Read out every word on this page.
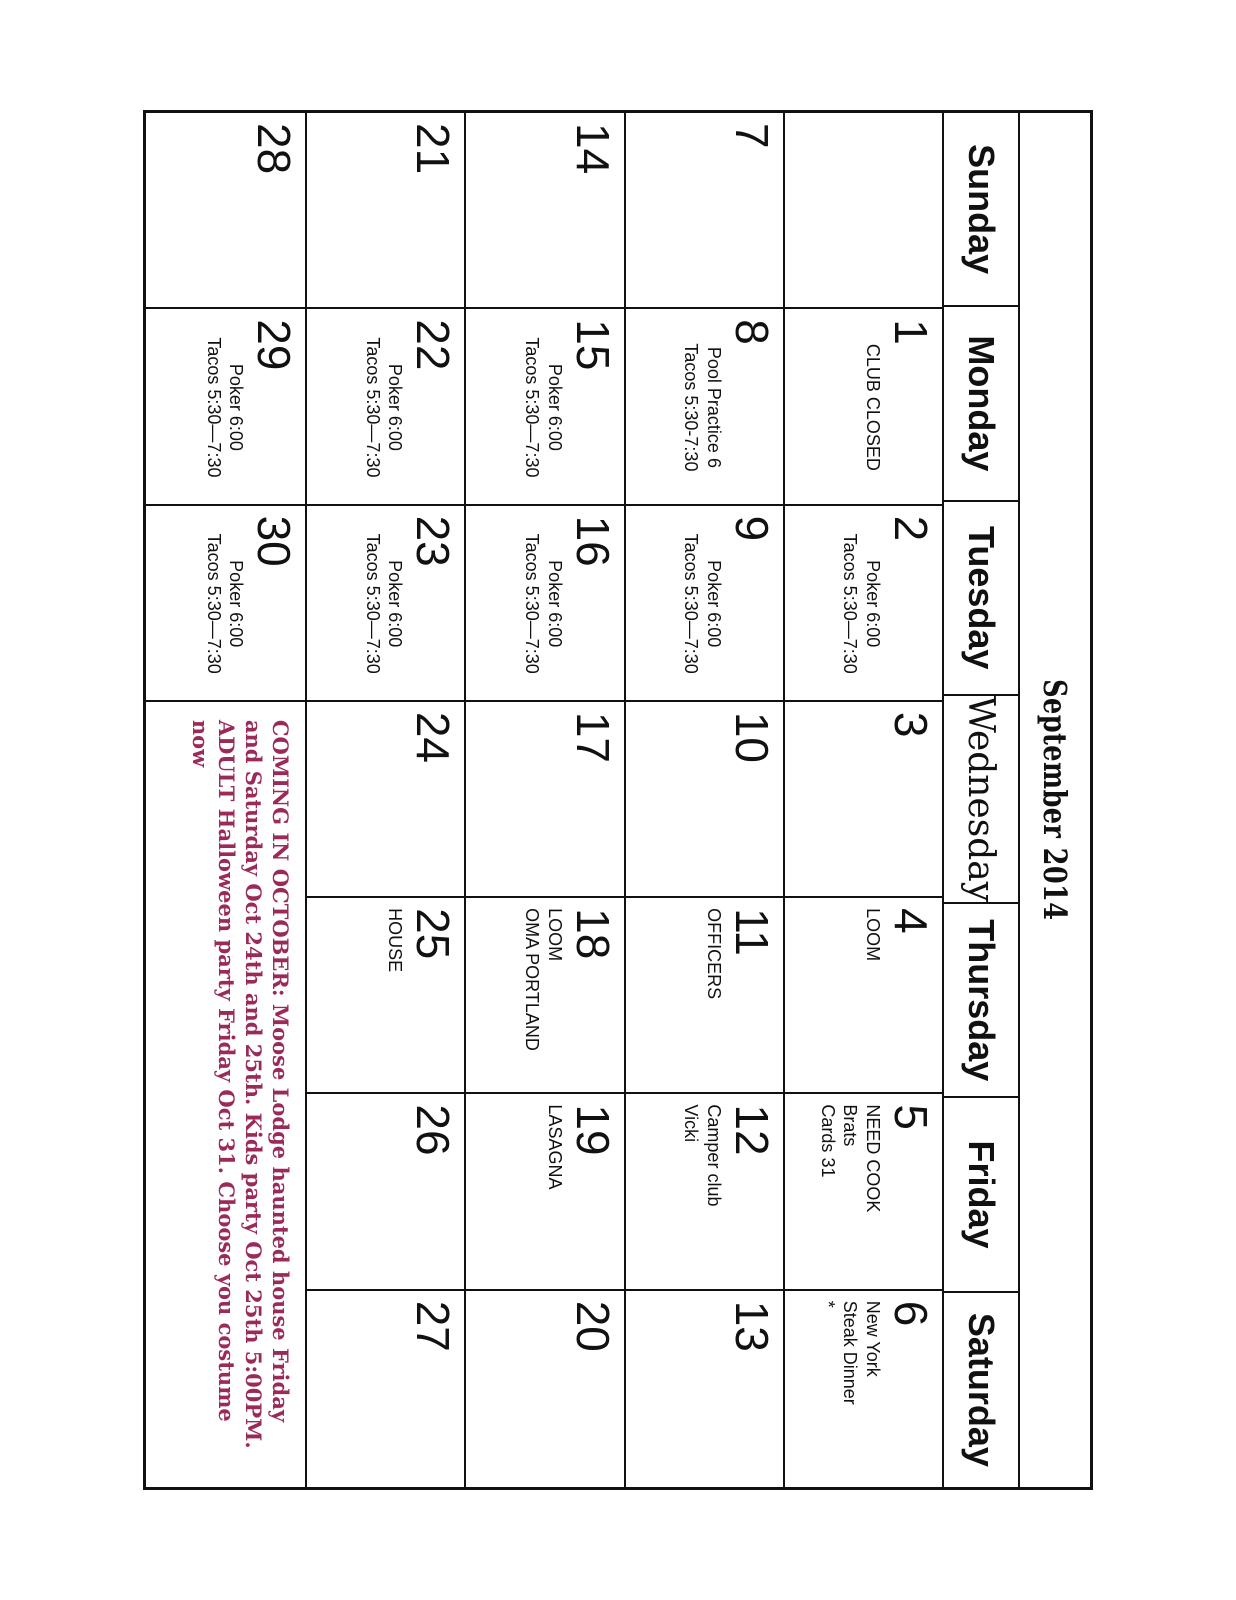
September 2014
Sunday
Monday
Tuesday
Wednesday
Thursday
Friday
Saturday
1
CLUB CLOSED
2
Poker 6:00
Tacos 5:30—7:30
3
4
LOOM
5
NEED COOK
Brats
Cards 31
6
New York
Steak Dinner
*
7
8
Pool Practice 6
Tacos 5:30-7:30
9
Poker 6:00
Tacos 5:30—7:30
10
11
OFFICERS
12
Camper club
Vicki
13
14
15
Poker 6:00
Tacos 5:30—7:30
16
Poker 6:00
Tacos 5:30—7:30
17
18
LOOM
OMA PORTLAND
19
LASAGNA
20
21
22
Poker 6:00
Tacos 5:30—7:30
23
Poker 6:00
Tacos 5:30—7:30
24
25
HOUSE
26
27
28
29
Poker 6:00
Tacos 5:30—7:30
30
Poker 6:00
Tacos 5:30—7:30
COMING IN OCTOBER: Moose Lodge haunted house Friday and Saturday Oct 24th and 25th. Kids party Oct 25th 5:00PM. ADULT Halloween party Friday Oct 31. Choose you costume now
